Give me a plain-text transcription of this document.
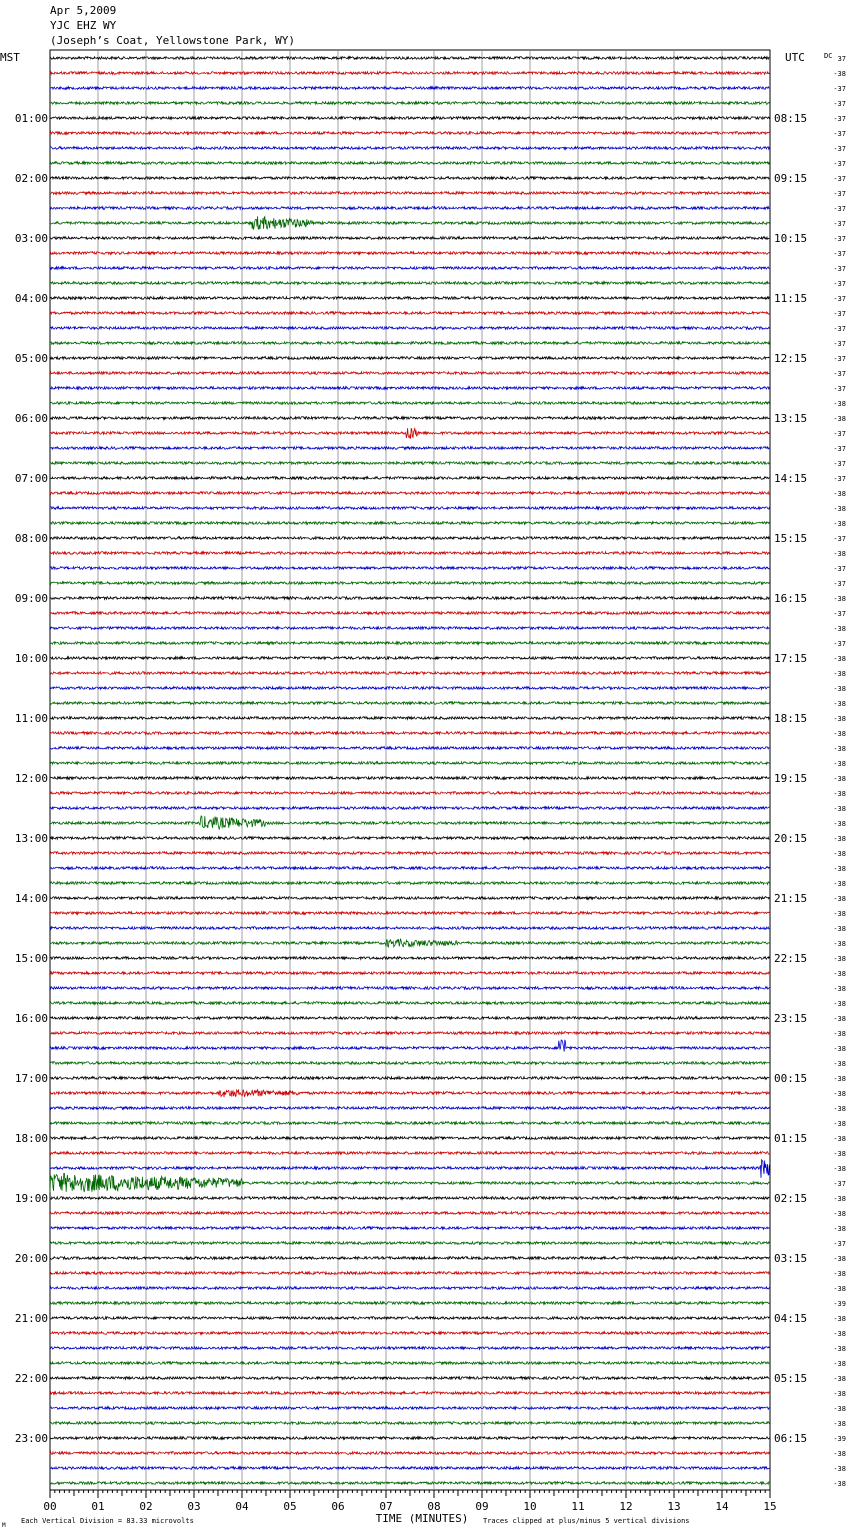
Apr 5,2009
YJC EHZ WY
(Joseph’s Coat, Yellowstone Park, WY)
00	01	02	03	04	05	06	07	08	09	10	11	12	13	14	15
TIME (MINUTES)
Each Vertical Division = 83.33 microvolts	Traces clipped at plus/minus 5 vertical divisions
M
MST	UTC	DC
01:00
02:00
03:00
04:00
05:00
06:00
07:00
08:00
09:00
10:00
11:00
12:00
13:00
14:00
15:00
16:00
17:00
18:00
19:00
20:00
21:00
22:00
23:00
08:15
09:15
10:15
11:15
12:15
13:15
14:15
15:15
16:15
17:15
18:15
19:15
20:15
21:15
22:15
23:15
00:15
01:15
02:15
03:15
04:15
05:15
06:15
37
-38
-37
-37
-37
-37
-37
-37
-37
-37
-37
-37
-37
-37
-37
-37
-37
-37
-37
-37
-37
-37
-37
-38
-38
-37
-37
-37
-37
-38
-38
-38
-37
-38
-37
-37
-38
-37
-38
-37
-38
-38
-38
-38
-38
-38
-38
-38
-38
-38
-38
-38
-38
-38
-38
-38
-38
-38
-38
-38
-38
-38
-38
-38
-38
-38
-38
-38
-38
-38
-38
-38
-38
-38
-38
-37
-38
-38
-38
-37
-38
-38
-38
-39
-38
-38
-38
-38
-38
-38
-38
-38
-39
-38
-38
-38
